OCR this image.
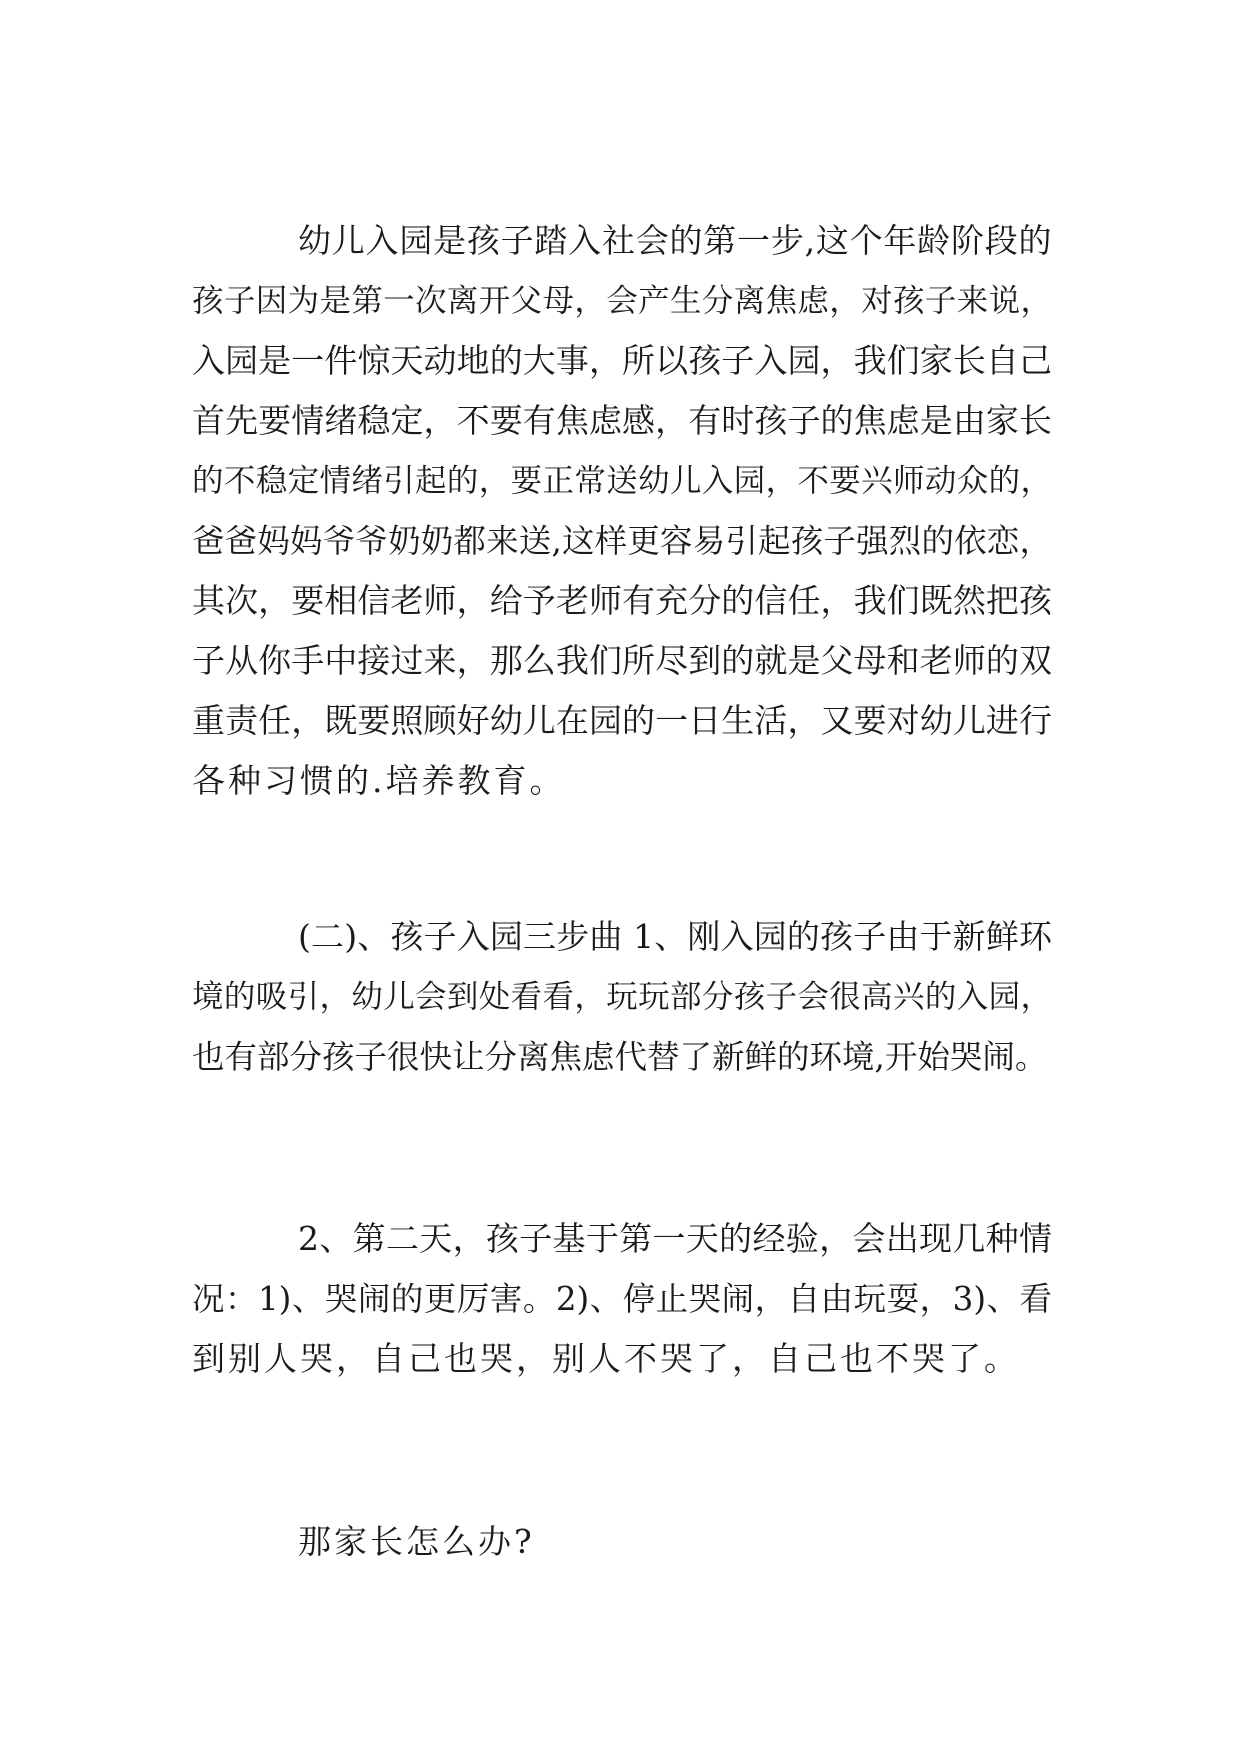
幼儿入园是孩子踏入社会的第一步,这个年龄阶段的
孩子因为是第一次离开父母，会产生分离焦虑，对孩子来说，
入园是一件惊天动地的大事，所以孩子入园，我们家长自己
首先要情绪稳定，不要有焦虑感，有时孩子的焦虑是由家长
的不稳定情绪引起的，要正常送幼儿入园，不要兴师动众的，
爸爸妈妈爷爷奶奶都来送,这样更容易引起孩子强烈的依恋，
其次，要相信老师，给予老师有充分的信任，我们既然把孩
子从你手中接过来，那么我们所尽到的就是父母和老师的双
重责任，既要照顾好幼儿在园的一日生活，又要对幼儿进行
各种习惯的.培养教育。
(二)、孩子入园三步曲 1、刚入园的孩子由于新鲜环
境的吸引，幼儿会到处看看，玩玩部分孩子会很高兴的入园，
也有部分孩子很快让分离焦虑代替了新鲜的环境,开始哭闹。
2、第二天，孩子基于第一天的经验，会出现几种情
况：1)、哭闹的更厉害。2)、停止哭闹，自由玩耍，3)、看
到别人哭，自己也哭，别人不哭了，自己也不哭了。
那家长怎么办?
